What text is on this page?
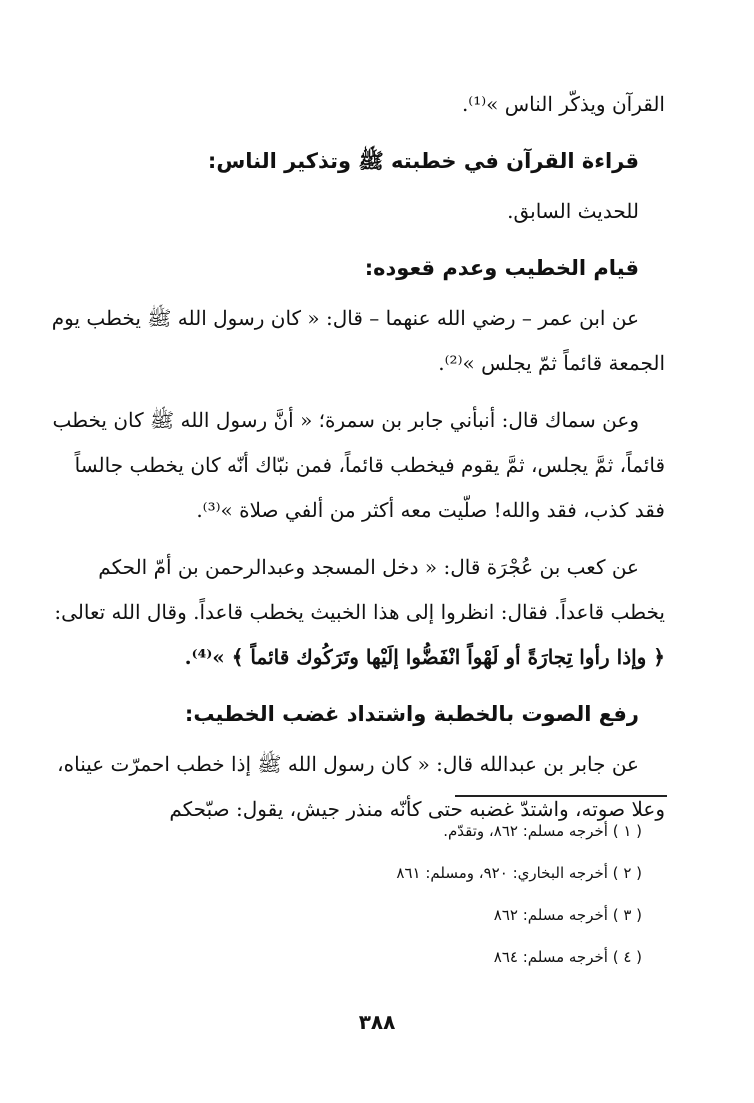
القرآن ويذكّر الناس »⁽¹⁾.
قراءة القرآن في خطبته ﷺ وتذكير الناس:
للحديث السابق.
قيام الخطيب وعدم قعوده:
عن ابن عمر – رضي الله عنهما – قال: « كان رسول الله ﷺ يخطب يوم
الجمعة قائماً ثمّ يجلس »⁽²⁾.
وعن سماك قال: أنبأني جابر بن سمرة؛ « أنَّ رسول الله ﷺ كان يخطب
قائماً، ثمَّ يجلس، ثمَّ يقوم فيخطب قائماً، فمن نبّاك أنّه كان يخطب جالساً
فقد كذب، فقد والله! صلّيت معه أكثر من ألفي صلاة »⁽³⁾.
عن كعب بن عُجْرَة قال: « دخل المسجد وعبدالرحمن بن أمّ الحكم
يخطب قاعداً. فقال: انظروا إلى هذا الخبيث يخطب قاعداً. وقال الله تعالى:
﴿ وإذا رأوا تِجارَةً أو لَهْواً انْفَضُّوا إلَيْها وتَرَكُوك قائماً ﴾ »⁽⁴⁾.
رفع الصوت بالخطبة واشتداد غضب الخطيب:
عن جابر بن عبدالله قال: « كان رسول الله ﷺ إذا خطب احمرّت عيناه،
وعلا صوته، واشتدّ غضبه حتى كأنّه منذر جيش، يقول: صبّحكم
( ١ ) أخرجه مسلم: ٨٦٢، وتقدّم.
( ٢ ) أخرجه البخاري: ٩٢٠، ومسلم: ٨٦١
( ٣ ) أخرجه مسلم: ٨٦٢
( ٤ ) أخرجه مسلم: ٨٦٤
٣٨٨
